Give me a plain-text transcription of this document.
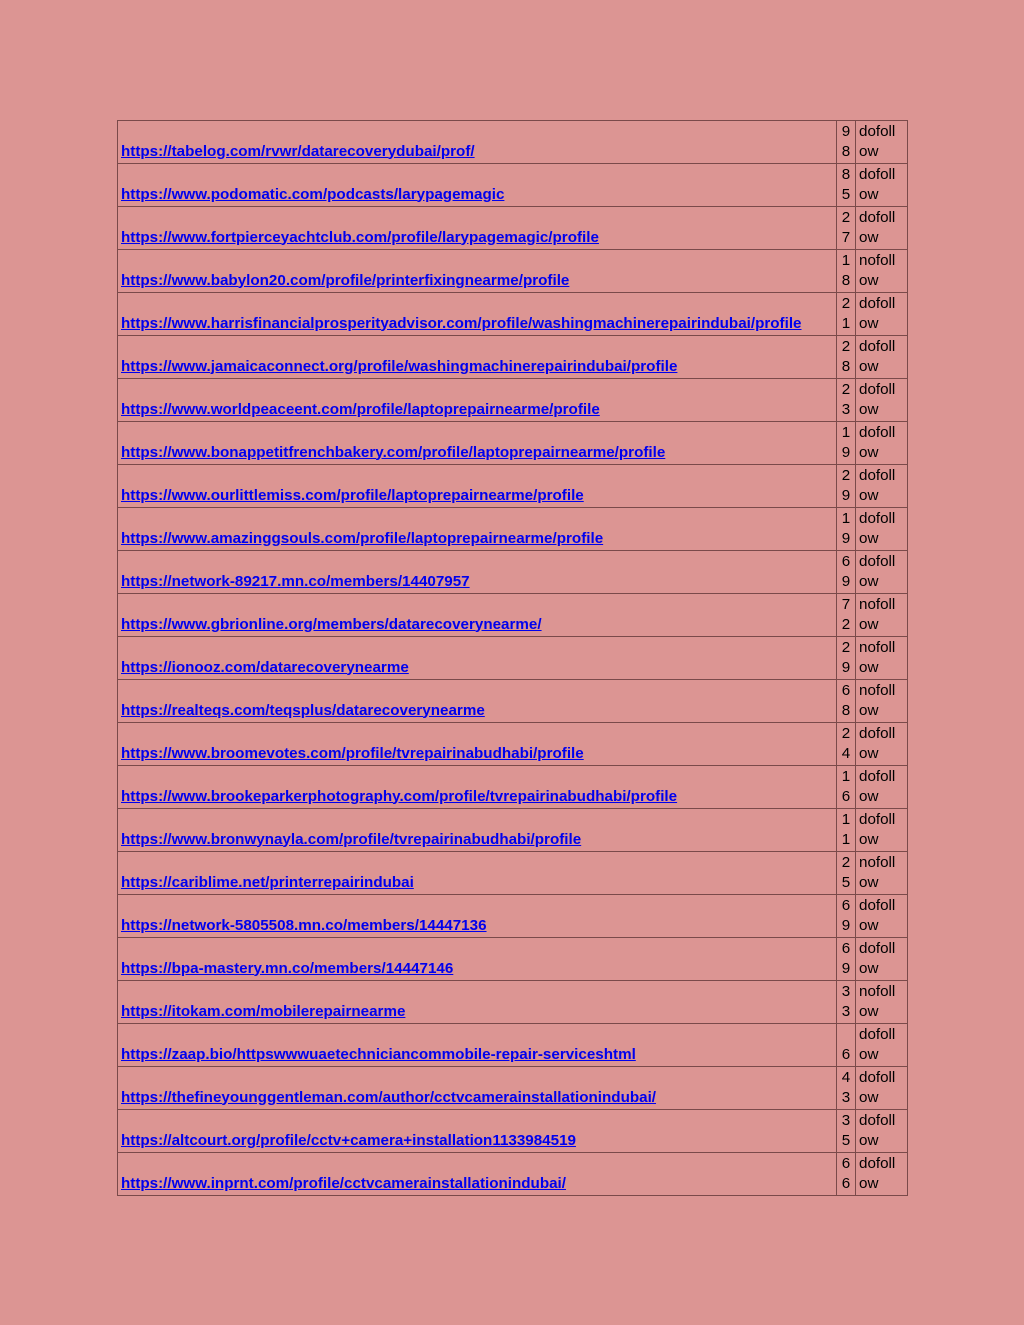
https://tabelog.com/rvwr/datarecoverydubai/prof/	98	dofollow

https://www.podomatic.com/podcasts/larypagemagic	85	dofollow

https://www.fortpierceyachtclub.com/profile/larypagemagic/profile	27	dofollow

https://www.babylon20.com/profile/printerfixingnearme/profile	18	nofollow

https://www.harrisfinancialprosperityadvisor.com/profile/washingmachinerepairindubai/profile	21	dofollow

https://www.jamaicaconnect.org/profile/washingmachinerepairindubai/profile	28	dofollow

https://www.worldpeaceent.com/profile/laptoprepairnearme/profile	23	dofollow

https://www.bonappetitfrenchbakery.com/profile/laptoprepairnearme/profile	19	dofollow

https://www.ourlittlemiss.com/profile/laptoprepairnearme/profile	29	dofollow

https://www.amazinggsouls.com/profile/laptoprepairnearme/profile	19	dofollow

https://network-89217.mn.co/members/14407957	69	dofollow

https://www.gbrionline.org/members/datarecoverynearme/	72	nofollow

https://ionooz.com/datarecoverynearme	29	nofollow

https://realteqs.com/teqsplus/datarecoverynearme	68	nofollow

https://www.broomevotes.com/profile/tvrepairinabudhabi/profile	24	dofollow

https://www.brookeparkerphotography.com/profile/tvrepairinabudhabi/profile	16	dofollow

https://www.bronwynayla.com/profile/tvrepairinabudhabi/profile	11	dofollow

https://cariblime.net/printerrepairindubai	25	nofollow

https://network-5805508.mn.co/members/14447136	69	dofollow

https://bpa-mastery.mn.co/members/14447146	69	dofollow

https://itokam.com/mobilerepairnearme	33	nofollow

https://zaap.bio/httpswwwuaetechniciancommobile-repair-serviceshtml	6	dofollow

https://thefineyounggentleman.com/author/cctvcamerainstallationindubai/	43	dofollow

https://altcourt.org/profile/cctv+camera+installation1133984519	35	dofollow

https://www.inprnt.com/profile/cctvcamerainstallationindubai/	66	dofollow
